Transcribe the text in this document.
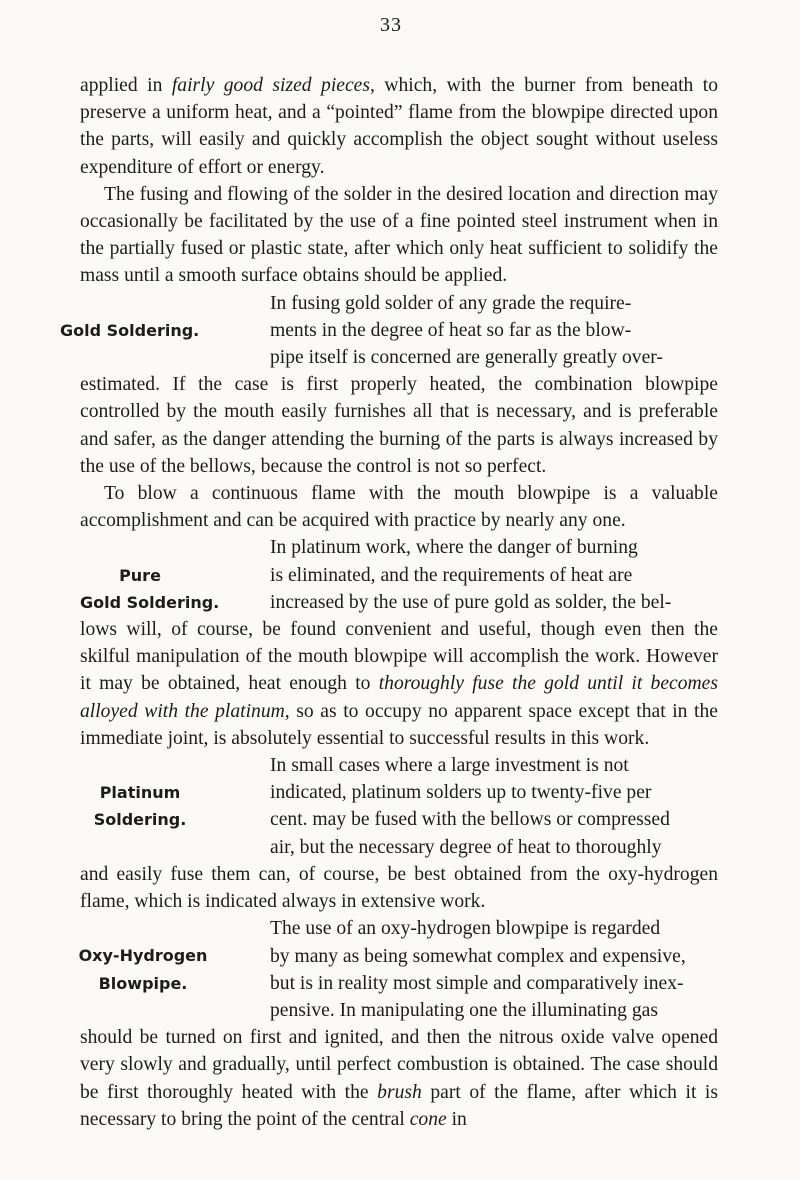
33

applied in fairly good sized pieces, which, with the burner from beneath to preserve a uniform heat, and a “pointed” flame from the blowpipe directed upon the parts, will easily and quickly accomplish the object sought without useless expenditure of effort or energy.

The fusing and flowing of the solder in the desired location and direction may occasionally be facilitated by the use of a fine pointed steel instrument when in the partially fused or plastic state, after which only heat sufficient to solidify the mass until a smooth surface obtains should be applied.

Gold Soldering.

In fusing gold solder of any grade the require-
ments in the degree of heat so far as the blow-
pipe itself is concerned are generally greatly over-

estimated. If the case is first properly heated, the combination blowpipe controlled by the mouth easily furnishes all that is necessary, and is preferable and safer, as the danger attending the burning of the parts is always increased by the use of the bellows, because the control is not so perfect.

To blow a continuous flame with the mouth blowpipe is a valuable accomplishment and can be acquired with practice by nearly any one.

Pure
Gold Soldering.

In platinum work, where the danger of burning
is eliminated, and the requirements of heat are
increased by the use of pure gold as solder, the bel-

lows will, of course, be found convenient and useful, though even then the skilful manipulation of the mouth blowpipe will accomplish the work. However it may be obtained, heat enough to thoroughly fuse the gold until it becomes alloyed with the platinum, so as to occupy no apparent space except that in the immediate joint, is absolutely essential to successful results in this work.

Platinum
Soldering.

In small cases where a large investment is not
indicated, platinum solders up to twenty-five per
cent. may be fused with the bellows or compressed
air, but the necessary degree of heat to thoroughly

and easily fuse them can, of course, be best obtained from the oxy-hydrogen flame, which is indicated always in extensive work.

Oxy-Hydrogen
Blowpipe.

The use of an oxy-hydrogen blowpipe is regarded
by many as being somewhat complex and expensive,
but is in reality most simple and comparatively inex-
pensive. In manipulating one the illuminating gas

should be turned on first and ignited, and then the nitrous oxide valve opened very slowly and gradually, until perfect combustion is obtained. The case should be first thoroughly heated with the brush part of the flame, after which it is necessary to bring the point of the central cone in
